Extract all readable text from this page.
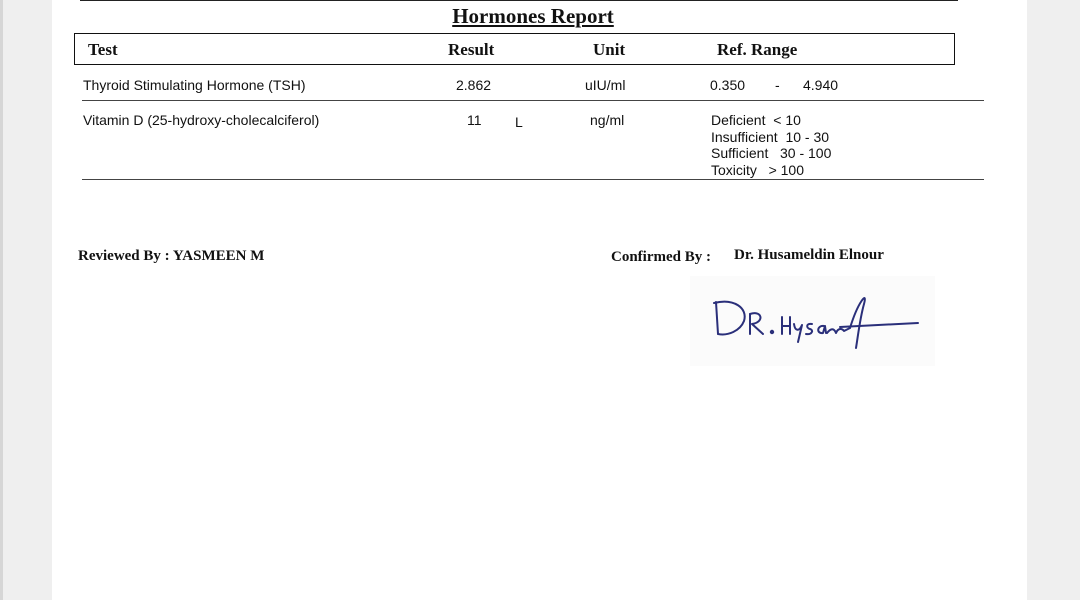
Hormones Report
Test	Result	Unit	Ref. Range
Thyroid Stimulating Hormone (TSH)	2.862	uIU/ml	0.350 - 4.940
Vitamin D (25-hydroxy-cholecalciferol)	11 L	ng/ml	Deficient  < 10
Insufficient  10 - 30
Sufficient   30 - 100
Toxicity   > 100
Reviewed By : YASMEEN M	Confirmed By : Dr. Husameldin Elnour
